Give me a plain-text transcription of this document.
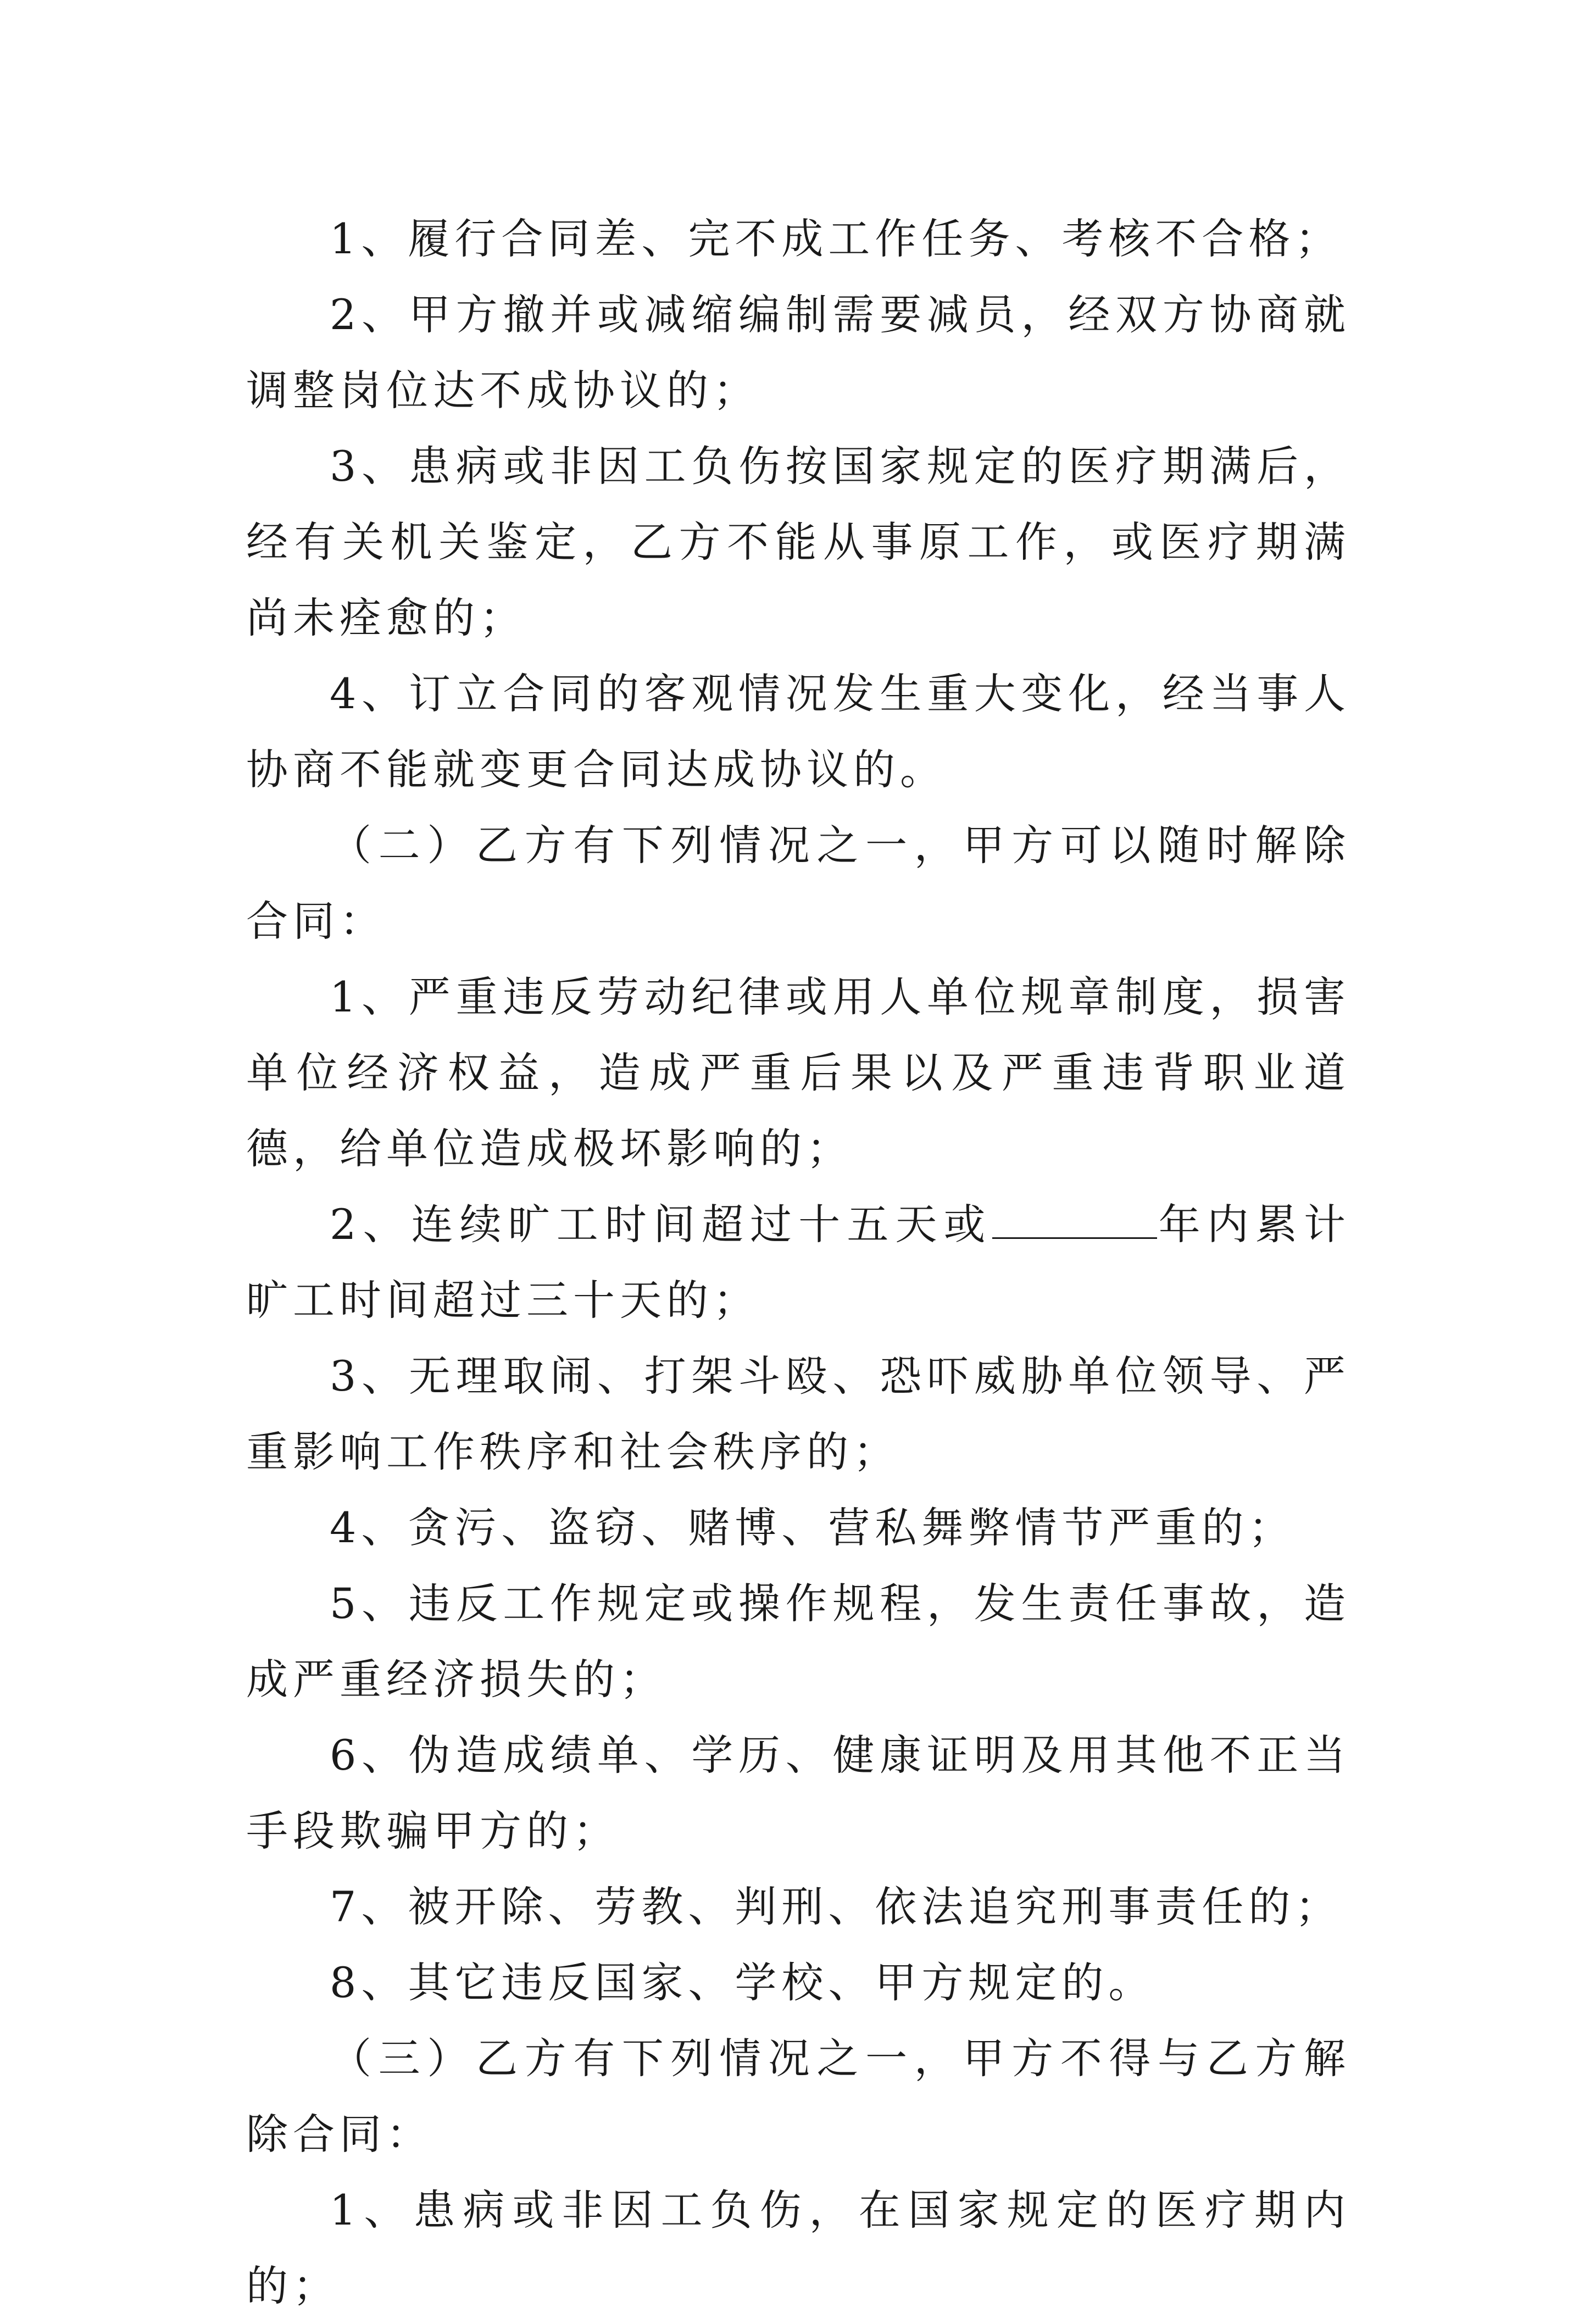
1、履行合同差、完不成工作任务、考核不合格；

2、甲方撤并或减缩编制需要减员，经双方协商就调整岗位达不成协议的；

3、患病或非因工负伤按国家规定的医疗期满后，经有关机关鉴定，乙方不能从事原工作，或医疗期满尚未痊愈的；

4、订立合同的客观情况发生重大变化，经当事人协商不能就变更合同达成协议的。

（二）乙方有下列情况之一，甲方可以随时解除合同：

1、严重违反劳动纪律或用人单位规章制度，损害单位经济权益，造成严重后果以及严重违背职业道德，给单位造成极坏影响的；

2、连续旷工时间超过十五天或	年内累计旷工时间超过三十天的；

3、无理取闹、打架斗殴、恐吓威胁单位领导、严重影响工作秩序和社会秩序的；

4、贪污、盗窃、赌博、营私舞弊情节严重的；

5、违反工作规定或操作规程，发生责任事故，造成严重经济损失的；

6、伪造成绩单、学历、健康证明及用其他不正当手段欺骗甲方的；

7、被开除、劳教、判刑、依法追究刑事责任的；

8、其它违反国家、学校、甲方规定的。

（三）乙方有下列情况之一，甲方不得与乙方解除合同：

1、患病或非因工负伤，在国家规定的医疗期内的；
